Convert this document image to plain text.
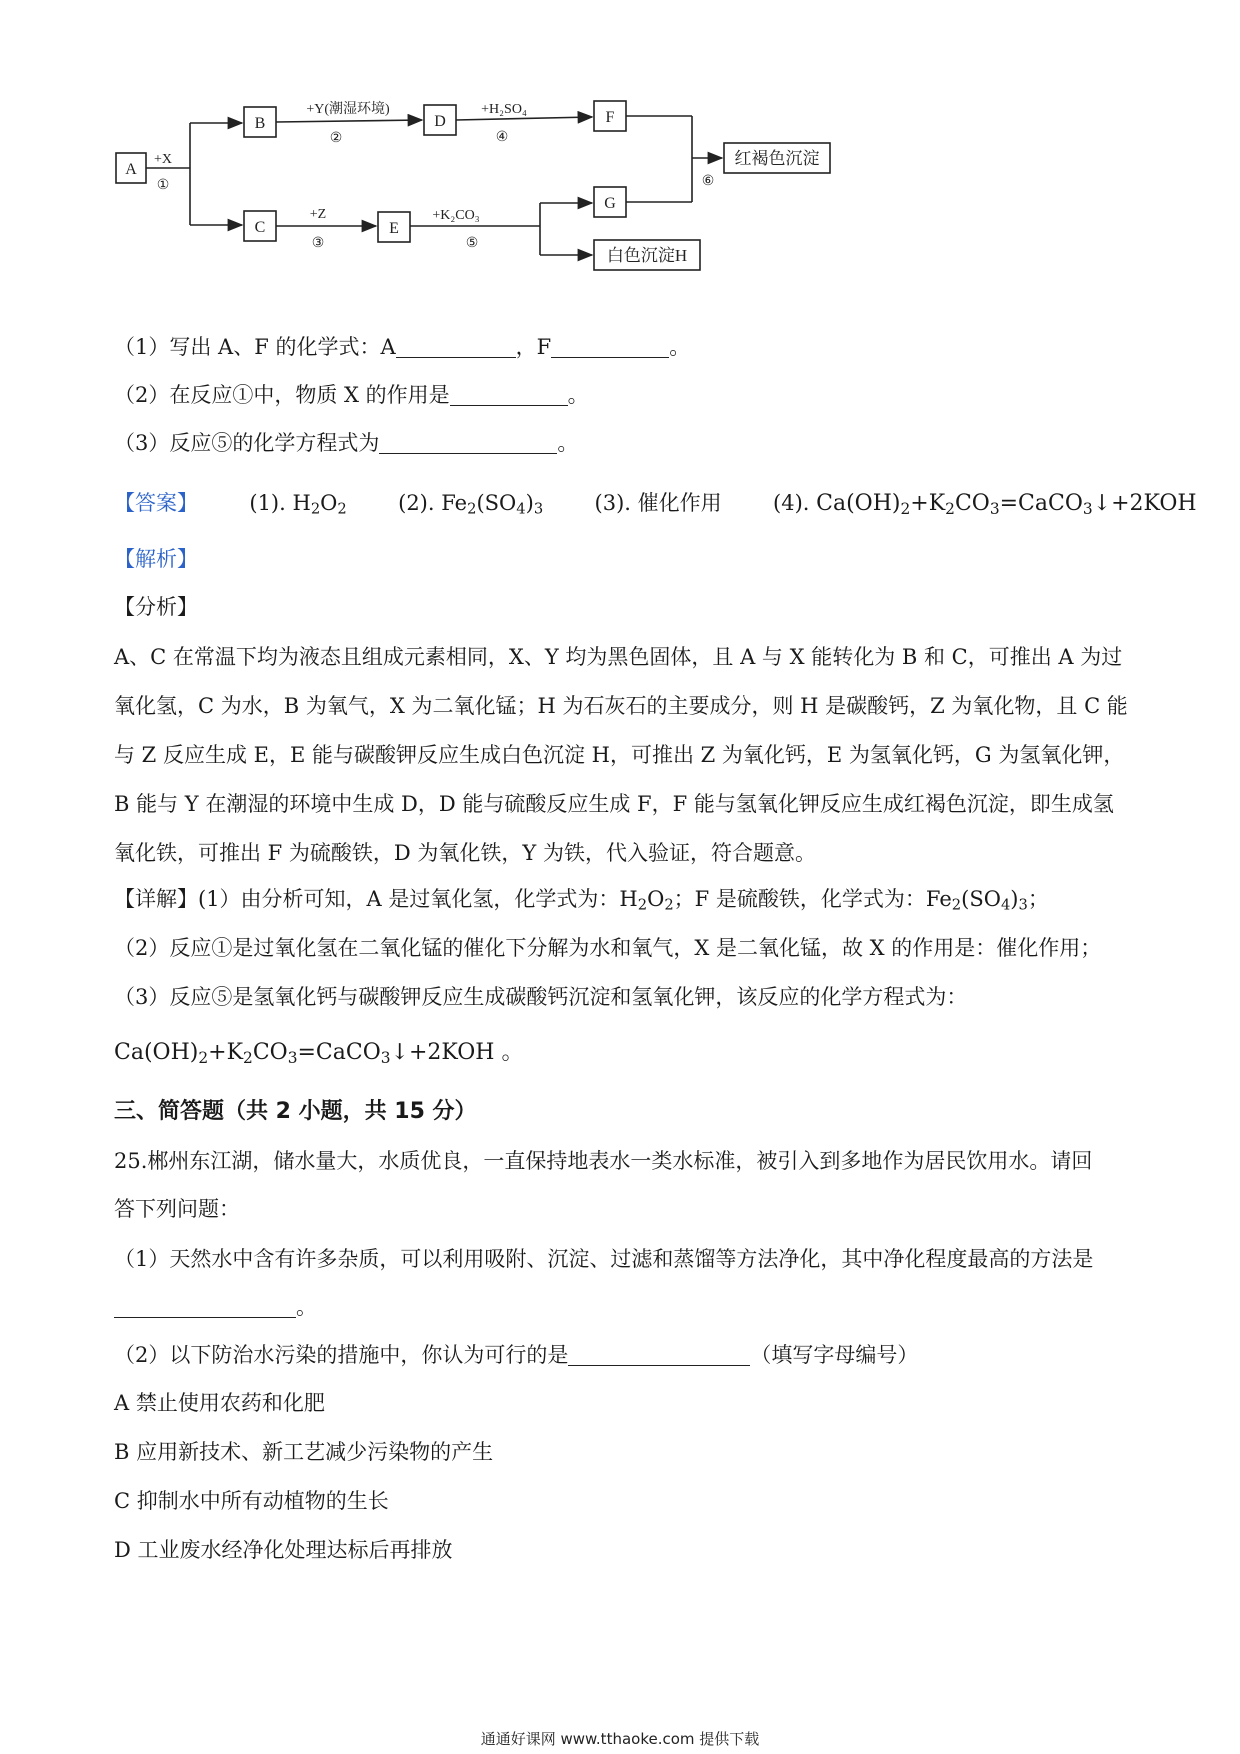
A
B
C
D
E
F
G
红褐色沉淀
白色沉淀H
+X
①
+Y(潮湿环境)
②
+Z
③
+H₂SO₄
④
+K₂CO₃
⑤
⑥
（1）写出 A、F 的化学式：A	，F	。
（2）在反应①中，物质 X 的作用是	。
（3）反应⑤的化学方程式为	。
【答案】 (1). $H_2O_2$ (2). $Fe_2(SO_4)_3$ (3). 催化作用 (4). $Ca(OH)_2+K_2CO_3=CaCO_3↓+2KOH$
【解析】
【分析】
A、C 在常温下均为液态且组成元素相同，X、Y 均为黑色固体，且 A 与 X 能转化为 B 和 C，可推出 A 为过
氧化氢，C 为水，B 为氧气，X 为二氧化锰；H 为石灰石的主要成分，则 H 是碳酸钙，Z 为氧化物，且 C 能
与 Z 反应生成 E，E 能与碳酸钾反应生成白色沉淀 H，可推出 Z 为氧化钙，E 为氢氧化钙，G 为氢氧化钾，
B 能与 Y 在潮湿的环境中生成 D，D 能与硫酸反应生成 F，F 能与氢氧化钾反应生成红褐色沉淀，即生成氢
氧化铁，可推出 F 为硫酸铁，D 为氧化铁，Y 为铁，代入验证，符合题意。
【详解】(1）由分析可知，A 是过氧化氢，化学式为：$H_2O_2$；F 是硫酸铁，化学式为：$Fe_2(SO_4)_3$；
（2）反应①是过氧化氢在二氧化锰的催化下分解为水和氧气，X 是二氧化锰，故 X 的作用是：催化作用；
（3）反应⑤是氢氧化钙与碳酸钾反应生成碳酸钙沉淀和氢氧化钾，该反应的化学方程式为：
$Ca(OH)_2+K_2CO_3=CaCO_3↓+2KOH$ 。
三、简答题（共 2 小题，共 15 分）
25.郴州东江湖，储水量大，水质优良，一直保持地表水一类水标准，被引入到多地作为居民饮用水。请回
答下列问题：
（1）天然水中含有许多杂质，可以利用吸附、沉淀、过滤和蒸馏等方法净化，其中净化程度最高的方法是
。
（2）以下防治水污染的措施中，你认为可行的是	（填写字母编号）
A 禁止使用农药和化肥
B 应用新技术、新工艺减少污染物的产生
C 抑制水中所有动植物的生长
D 工业废水经净化处理达标后再排放
通通好课网 www.tthaoke.com 提供下载
